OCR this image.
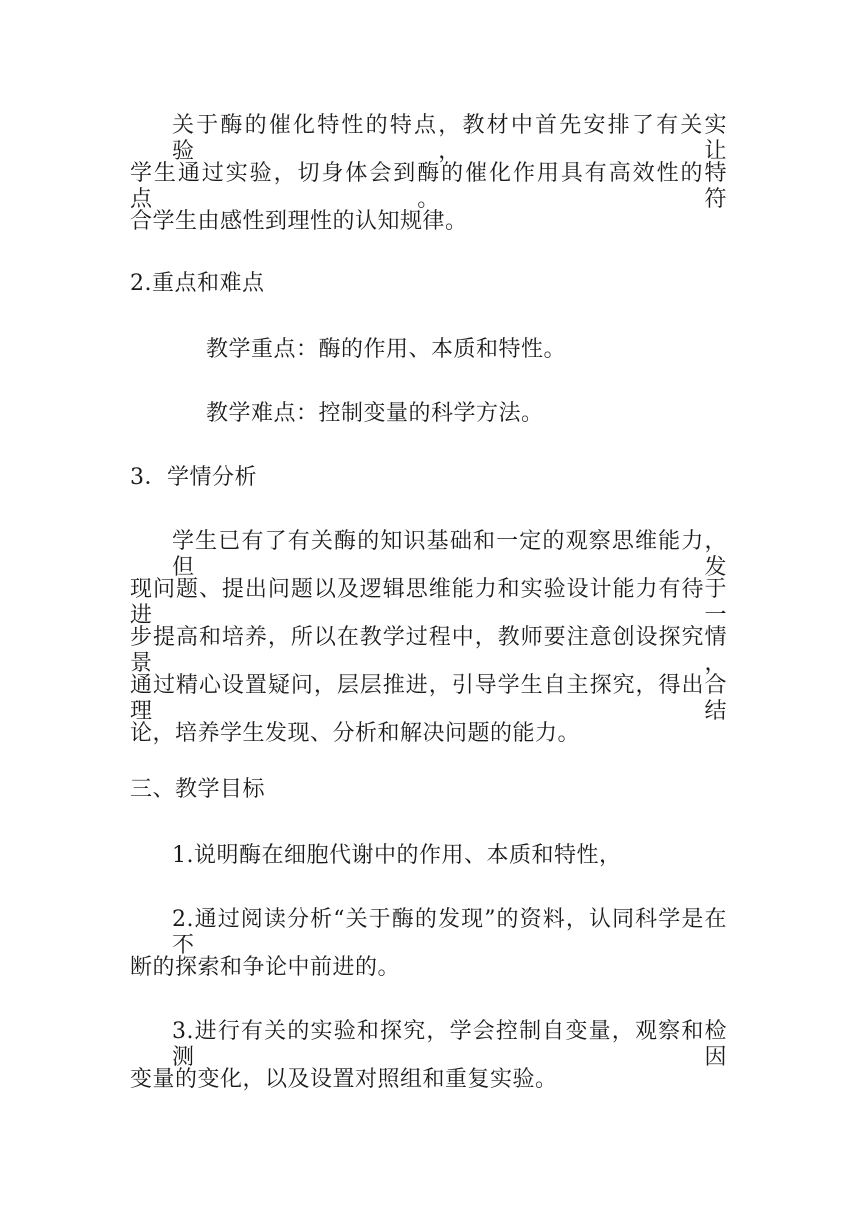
关于酶的催化特性的特点，教材中首先安排了有关实验，让
学生通过实验，切身体会到酶的催化作用具有高效性的特点。符
合学生由感性到理性的认知规律。
2.重点和难点
教学重点：酶的作用、本质和特性。
教学难点：控制变量的科学方法。
3．学情分析
学生已有了有关酶的知识基础和一定的观察思维能力，但发
现问题、提出问题以及逻辑思维能力和实验设计能力有待于进一
步提高和培养，所以在教学过程中，教师要注意创设探究情景，
通过精心设置疑问，层层推进，引导学生自主探究，得出合理结
论，培养学生发现、分析和解决问题的能力。
三、教学目标
1.说明酶在细胞代谢中的作用、本质和特性，
2.通过阅读分析“关于酶的发现”的资料，认同科学是在不
断的探索和争论中前进的。
3.进行有关的实验和探究，学会控制自变量，观察和检测因
变量的变化，以及设置对照组和重复实验。
